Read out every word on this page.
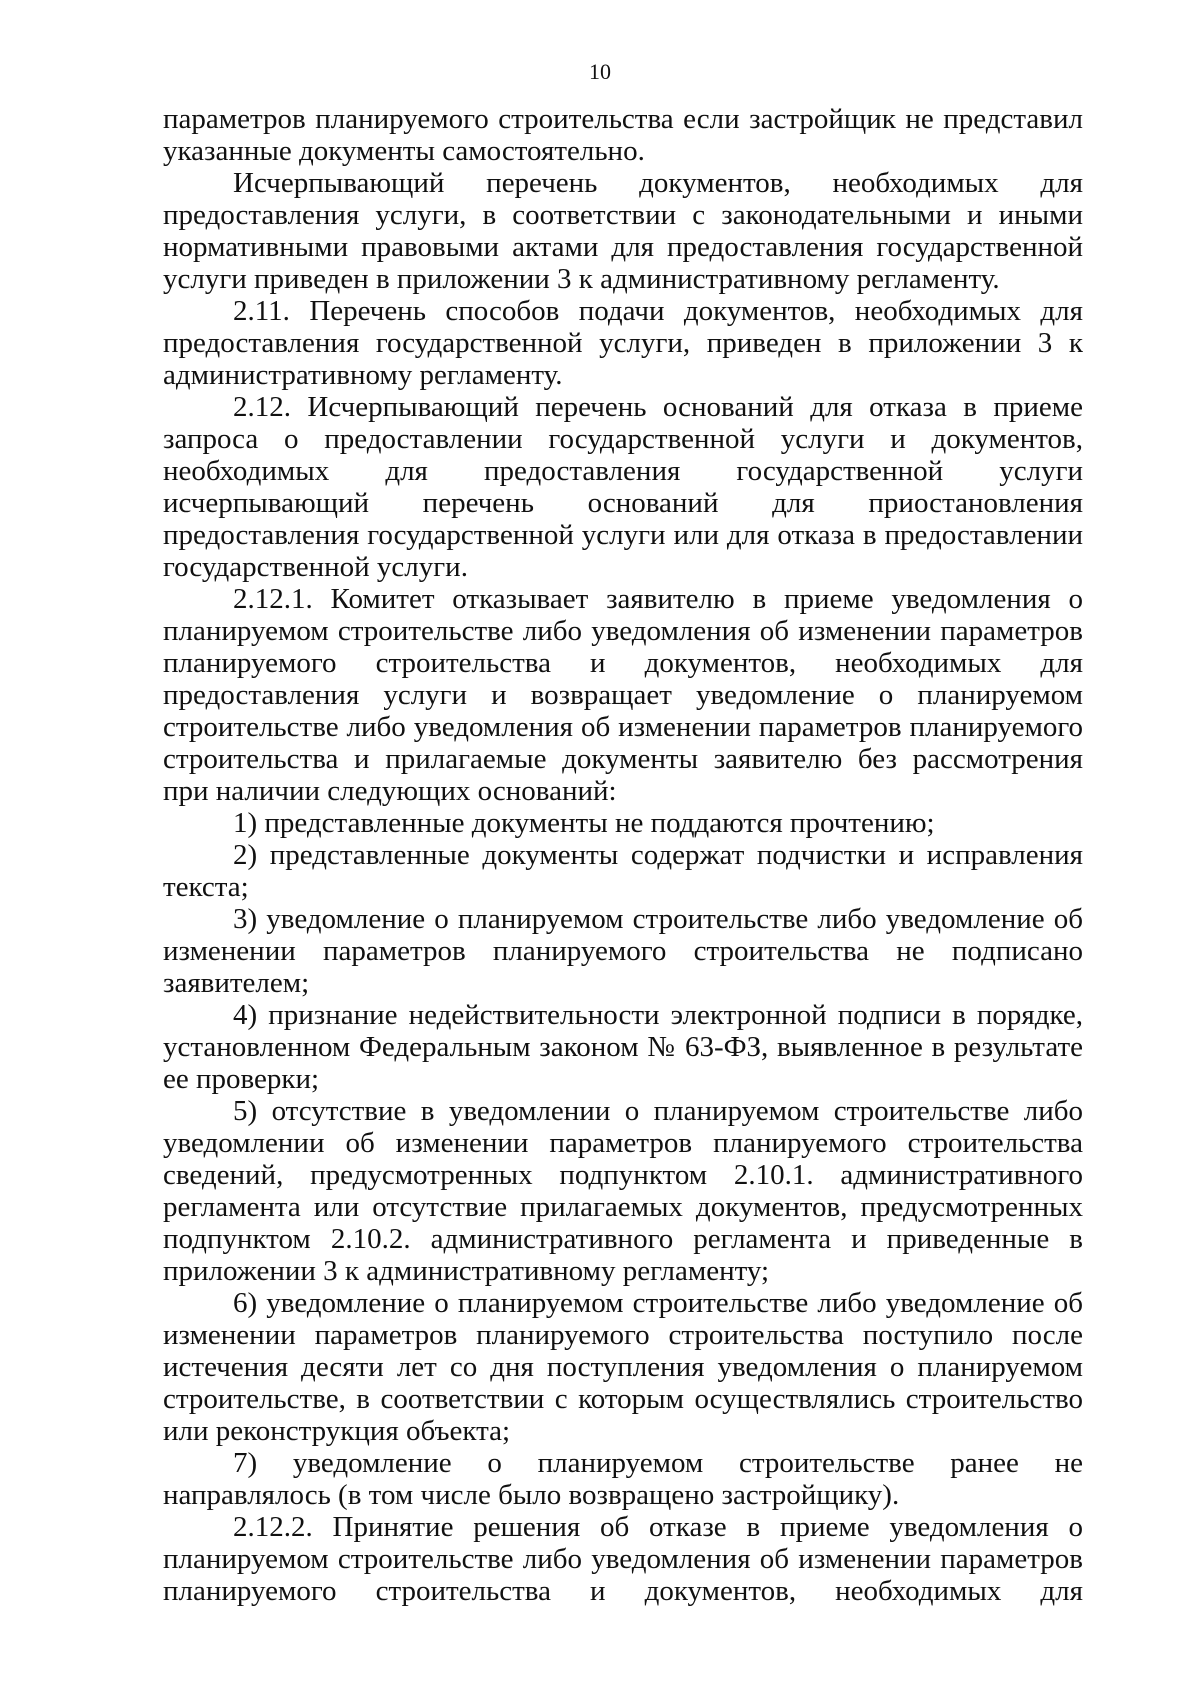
10

параметров планируемого строительства если застройщик не представил указанные документы самостоятельно.

Исчерпывающий перечень документов, необходимых для предоставления услуги, в соответствии с законодательными и иными нормативными правовыми актами для предоставления государственной услуги приведен в приложении 3 к административному регламенту.

2.11. Перечень способов подачи документов, необходимых для предоставления государственной услуги, приведен в приложении 3 к административному регламенту.

2.12. Исчерпывающий перечень оснований для отказа в приеме запроса о предоставлении государственной услуги и документов, необходимых для предоставления государственной услуги исчерпывающий перечень оснований для приостановления предоставления государственной услуги или для отказа в предоставлении государственной услуги.

2.12.1. Комитет отказывает заявителю в приеме уведомления о планируемом строительстве либо уведомления об изменении параметров планируемого строительства и документов, необходимых для предоставления услуги и возвращает уведомление о планируемом строительстве либо уведомления об изменении параметров планируемого строительства и прилагаемые документы заявителю без рассмотрения при наличии следующих оснований:

1) представленные документы не поддаются прочтению;

2) представленные документы содержат подчистки и исправления текста;

3) уведомление о планируемом строительстве либо уведомление об изменении параметров планируемого строительства не подписано заявителем;

4) признание недействительности электронной подписи в порядке, установленном Федеральным законом № 63-ФЗ, выявленное в результате ее проверки;

5) отсутствие в уведомлении о планируемом строительстве либо уведомлении об изменении параметров планируемого строительства сведений, предусмотренных подпунктом 2.10.1. административного регламента или отсутствие прилагаемых документов, предусмотренных подпунктом 2.10.2. административного регламента и приведенные в приложении 3 к административному регламенту;

6) уведомление о планируемом строительстве либо уведомление об изменении параметров планируемого строительства поступило после истечения десяти лет со дня поступления уведомления о планируемом строительстве, в соответствии с которым осуществлялись строительство или реконструкция объекта;

7) уведомление о планируемом строительстве ранее не направлялось (в том числе было возвращено застройщику).

2.12.2. Принятие решения об отказе в приеме уведомления о планируемом строительстве либо уведомления об изменении параметров планируемого строительства и документов, необходимых для
